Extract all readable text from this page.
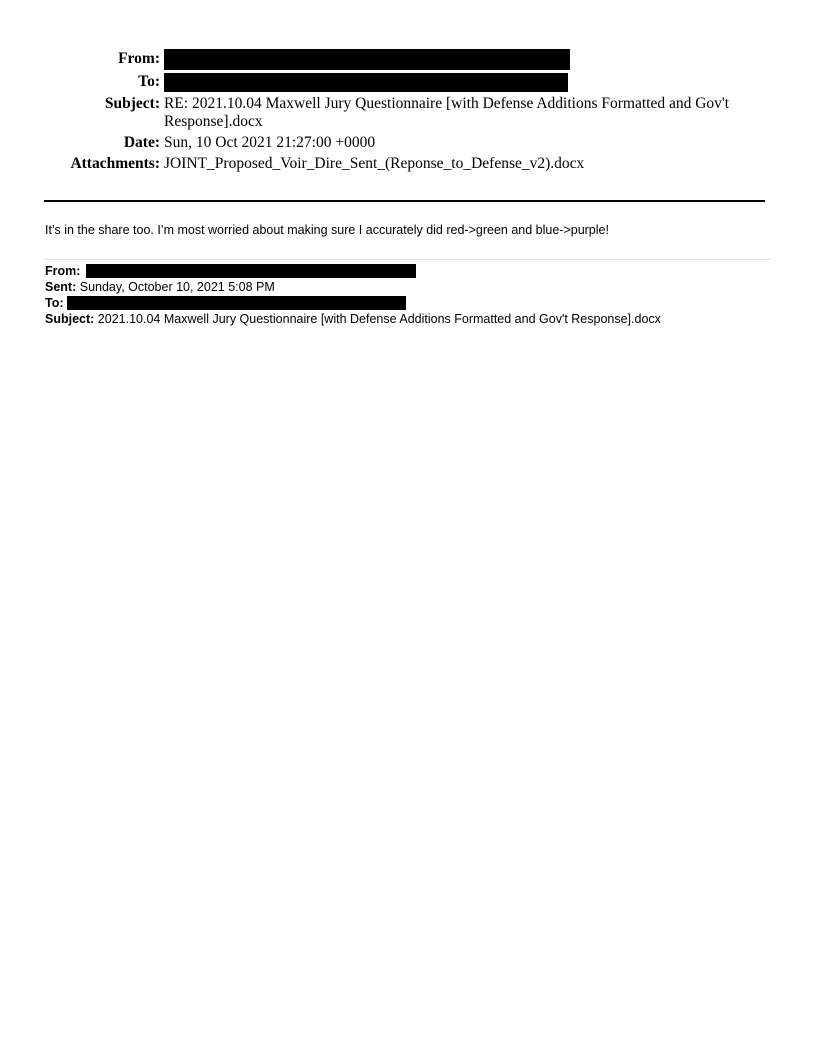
From:
To:
Subject: RE: 2021.10.04 Maxwell Jury Questionnaire [with Defense Additions Formatted and Gov't Response].docx
Date: Sun, 10 Oct 2021 21:27:00 +0000
Attachments: JOINT_Proposed_Voir_Dire_Sent_(Reponse_to_Defense_v2).docx
It’s in the share too. I’m most worried about making sure I accurately did red->green and blue->purple!
From:
Sent: Sunday, October 10, 2021 5:08 PM
To:
Subject: 2021.10.04 Maxwell Jury Questionnaire [with Defense Additions Formatted and Gov't Response].docx
